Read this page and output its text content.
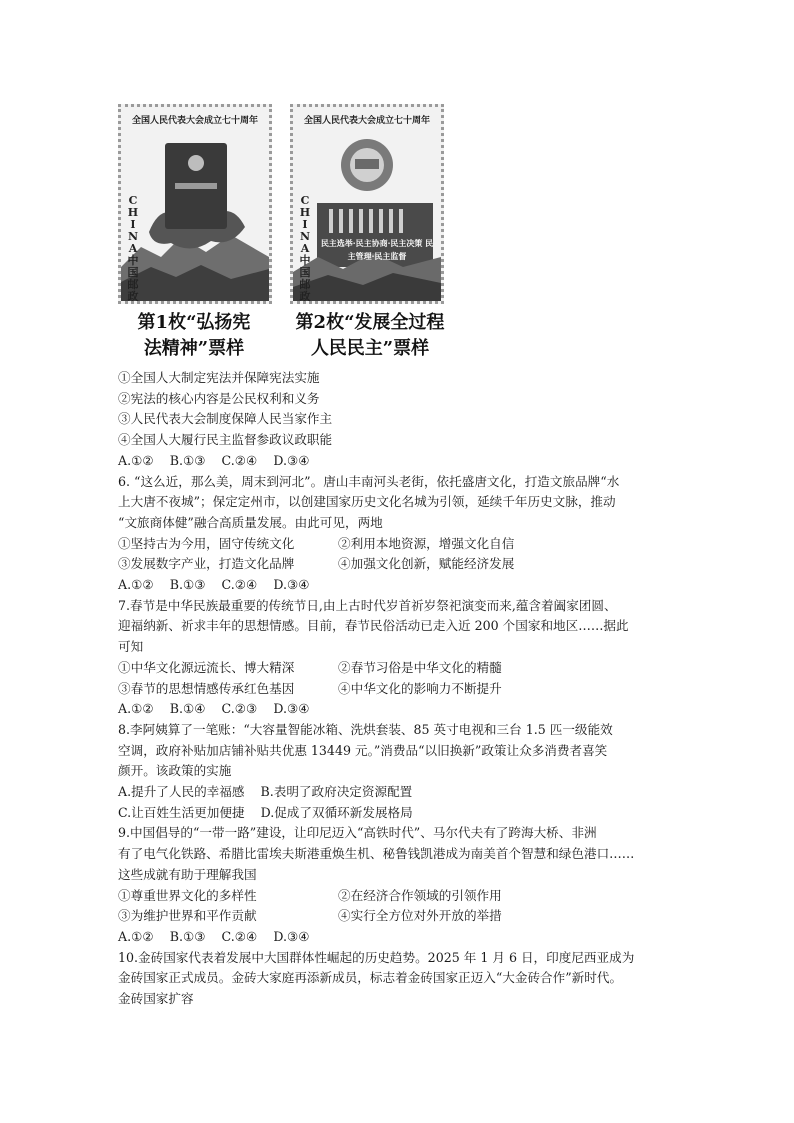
全国人民代表大会成立七十周年
CHINA 中国邮政
全国人民代表大会成立七十周年
CHINA 中国邮政
民主选举·民主协商·民主决策 民主管理·民主监督
第1枚“弘扬宪
法精神”票样
第2枚“发展全过程
人民民主”票样
①全国人大制定宪法并保障宪法实施
②宪法的核心内容是公民权利和义务
③人民代表大会制度保障人民当家作主
④全国人大履行民主监督参政议政职能
A.①② B.①③ C.②④ D.③④
6. “这么近，那么美，周末到河北”。唐山丰南河头老街，依托盛唐文化，打造文旅品牌“水
上大唐不夜城”；保定定州市，以创建国家历史文化名城为引领，延续千年历史文脉，推动
“文旅商体健”融合高质量发展。由此可见，两地
①坚持古为今用，固守传统文化	②利用本地资源，增强文化自信
③发展数字产业，打造文化品牌	④加强文化创新，赋能经济发展
A.①② B.①③ C.②④ D.③④
7.春节是中华民族最重要的传统节日,由上古时代岁首祈岁祭祀演变而来,蕴含着阖家团圆、
迎福纳新、祈求丰年的思想情感。目前，春节民俗活动已走入近 200 个国家和地区……据此
可知
①中华文化源远流长、博大精深	②春节习俗是中华文化的精髓
③春节的思想情感传承红色基因	④中华文化的影响力不断提升
A.①② B.①④ C.②③ D.③④
8.李阿姨算了一笔账：“大容量智能冰箱、洗烘套装、85 英寸电视和三台 1.5 匹一级能效
空调，政府补贴加店铺补贴共优惠 13449 元。”消费品“以旧换新”政策让众多消费者喜笑
颜开。该政策的实施
A.提升了人民的幸福感 B.表明了政府决定资源配置
C.让百姓生活更加便捷 D.促成了双循环新发展格局
9.中国倡导的“一带一路”建设，让印尼迈入“高铁时代”、马尔代夫有了跨海大桥、非洲
有了电气化铁路、希腊比雷埃夫斯港重焕生机、秘鲁钱凯港成为南美首个智慧和绿色港口……
这些成就有助于理解我国
①尊重世界文化的多样性	②在经济合作领域的引领作用
③为维护世界和平作贡献	④实行全方位对外开放的举措
A.①② B.①③ C.②④ D.③④
10.金砖国家代表着发展中大国群体性崛起的历史趋势。2025 年 1 月 6 日，印度尼西亚成为
金砖国家正式成员。金砖大家庭再添新成员，标志着金砖国家正迈入“大金砖合作”新时代。
金砖国家扩容
